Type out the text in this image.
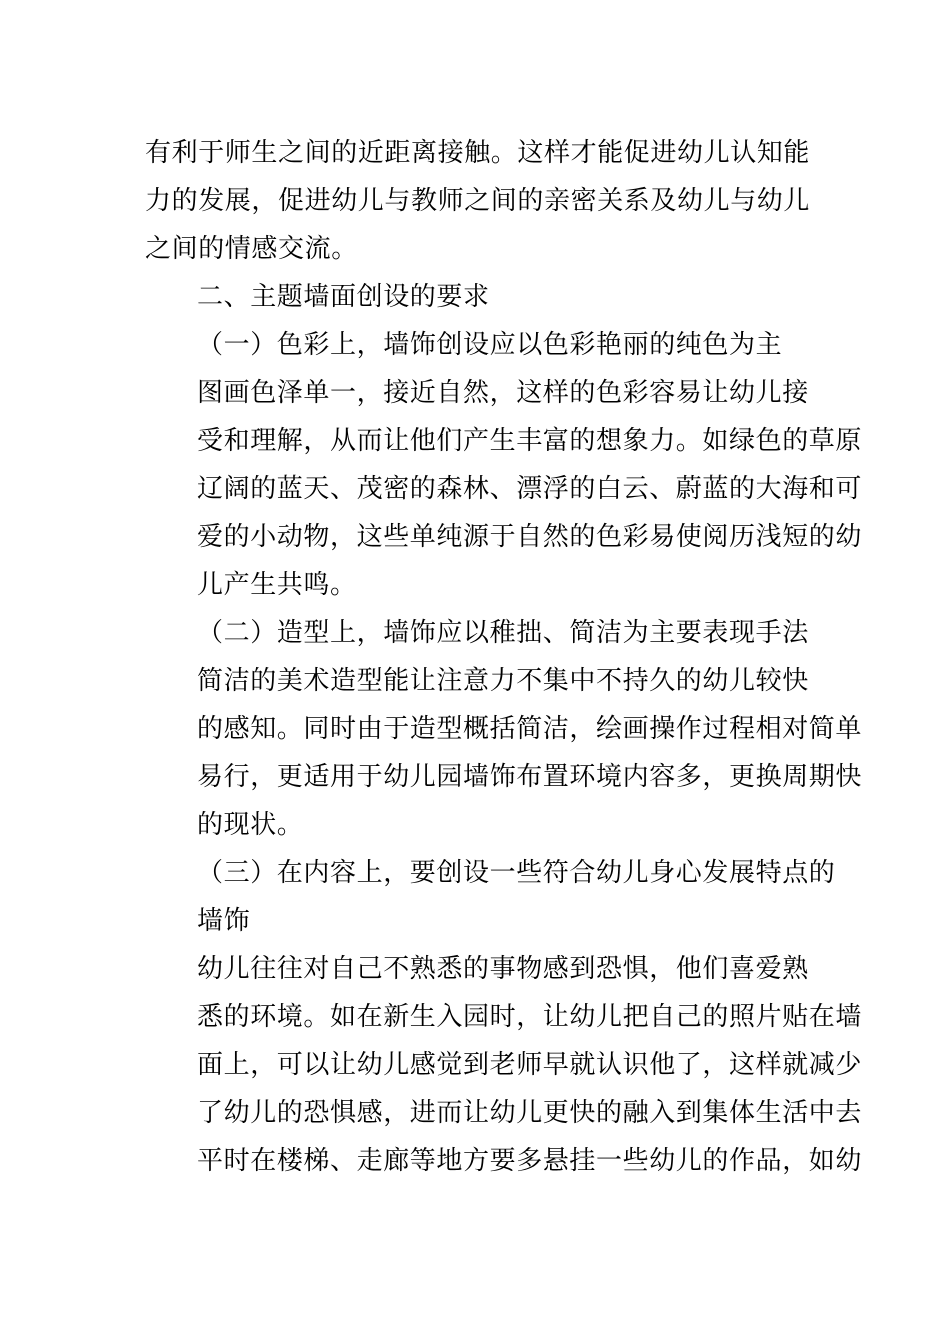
有利于师生之间的近距离接触。这样才能促进幼儿认知能
力的发展，促进幼儿与教师之间的亲密关系及幼儿与幼儿
之间的情感交流。

二、主题墙面创设的要求

（一）色彩上，墙饰创设应以色彩艳丽的纯色为主

图画色泽单一，接近自然，这样的色彩容易让幼儿接
受和理解，从而让他们产生丰富的想象力。如绿色的草原
辽阔的蓝天、茂密的森林、漂浮的白云、蔚蓝的大海和可
爱的小动物，这些单纯源于自然的色彩易使阅历浅短的幼
儿产生共鸣。

（二）造型上，墙饰应以稚拙、简洁为主要表现手法

简洁的美术造型能让注意力不集中不持久的幼儿较快
的感知。同时由于造型概括简洁，绘画操作过程相对简单
易行，更适用于幼儿园墙饰布置环境内容多，更换周期快
的现状。

（三）在内容上，要创设一些符合幼儿身心发展特点的
墙饰

幼儿往往对自己不熟悉的事物感到恐惧，他们喜爱熟
悉的环境。如在新生入园时，让幼儿把自己的照片贴在墙
面上，可以让幼儿感觉到老师早就认识他了，这样就减少
了幼儿的恐惧感，进而让幼儿更快的融入到集体生活中去
平时在楼梯、走廊等地方要多悬挂一些幼儿的作品，如幼
